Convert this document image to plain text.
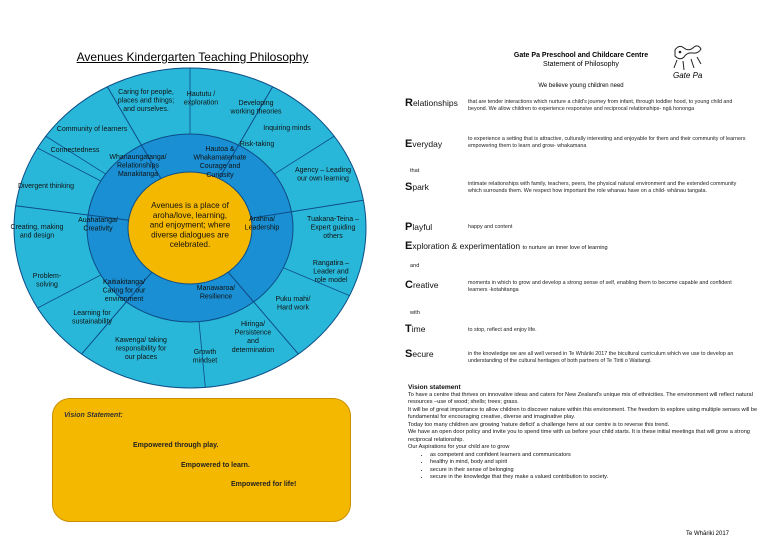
Avenues Kindergarten Teaching Philosophy
Avenues is a place of aroha/love, learning, and enjoyment; where diverse dialogues are celebrated.
Whanaungatanga/ Relationships Manakitanga
Hautoa & Whakamatemate Courage and Curiosity
Arahina/ Leadership
Manawaroa/ Resilience
Kaitiakitanga/ Caring for our environment
Auahatanga/ Creativity
Caring for people, places and things; and ourselves.
Haututu / exploration	Developing working theories
Community of learners	Inquiring minds
Connectedness
Risk-taking
Agency – Leading our own learning
Divergent thinking
Tuakana-Teina – Expert guiding others
Creating, making and design
Rangatira – Leader and role model
Problem-solving
Puku mahi/ Hard work
Learning for sustainability	Hiringa/ Persistence and determination
Kawenga/ taking responsibility for our places
Growth mindset
Vision Statement:
Empowered through play.
Empowered to learn.
Empowered for life!
Gate Pa Preschool and Childcare Centre
Statement of Philosophy
Gate Pa
We believe young children need
Relationships that are tender interactions which nurture a child's journey from infant, through toddler hood, to young child and beyond. We allow children to experience responsive and reciprocal relationships- ngā hononga
Everyday	to experience a setting that is attractive, culturally interesting and enjoyable for them and their community of learners empowering them to learn and grow- whakamana
that
Spark	intimate relationships with family, teachers, peers, the physical natural environment and the extended community which surrounds them. We respect how important the role whanau have on a child- whānau tangata.
Playful	happy and content
Exploration & experimentation to nurture an inner love of learning
and
Creative	moments in which to grow and develop a strong sense of self, enabling them to become capable and confident learners -kotahitanga
with
Time	to stop, reflect and enjoy life.
Secure	in the knowledge we are all well versed in Te Whāriki 2017 the bicultural curriculum which we use to develop an understanding of the cultural heritages of both partners of Te Tiriti o Waitangi.
Vision statement
To have a centre that thrives on innovative ideas and caters for New Zealand's unique mix of ethnicities. The environment will reflect natural resources –use of wood; shells; trees; grass.
It will be of great importance to allow children to discover nature within this environment. The freedom to explore using multiple senses will be fundamental for encouraging creative, diverse and imaginative play.
Today too many children are growing 'nature deficit' a challenge here at our centre is to reverse this trend.
We have an open door policy and invite you to spend time with us before your child starts. It is these initial meetings that will grow a strong reciprocal relationship.
Our Aspirations for your child are to grow
• as competent and confident learners and communicators
• healthy in mind, body and spirit
• secure in their sense of belonging
• secure in the knowledge that they make a valued contribution to society.
Te Whāriki 2017
